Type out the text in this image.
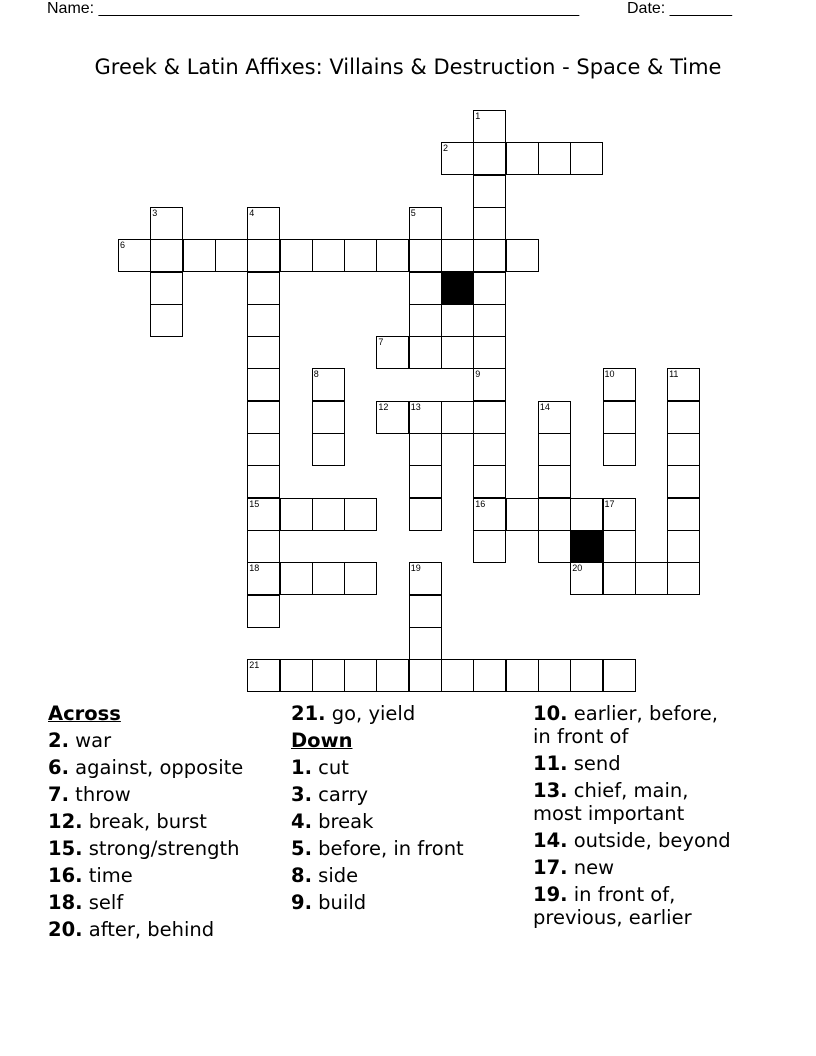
Name: ______________________________________________________	Date: _______
Greek & Latin Affixes: Villains & Destruction - Space & Time
2
6
7
12 13
15	16	17
18	20
21
1
3	4	5
8	9	10	11
14
19
Across
2. war
6. against, opposite
7. throw
12. break, burst
15. strong/strength
16. time
18. self
20. after, behind
21. go, yield
Down
1. cut
3. carry
4. break
5. before, in front
8. side
9. build
10. earlier, before,
in front of
11. send
13. chief, main,
most important
14. outside, beyond
17. new
19. in front of,
previous, earlier
